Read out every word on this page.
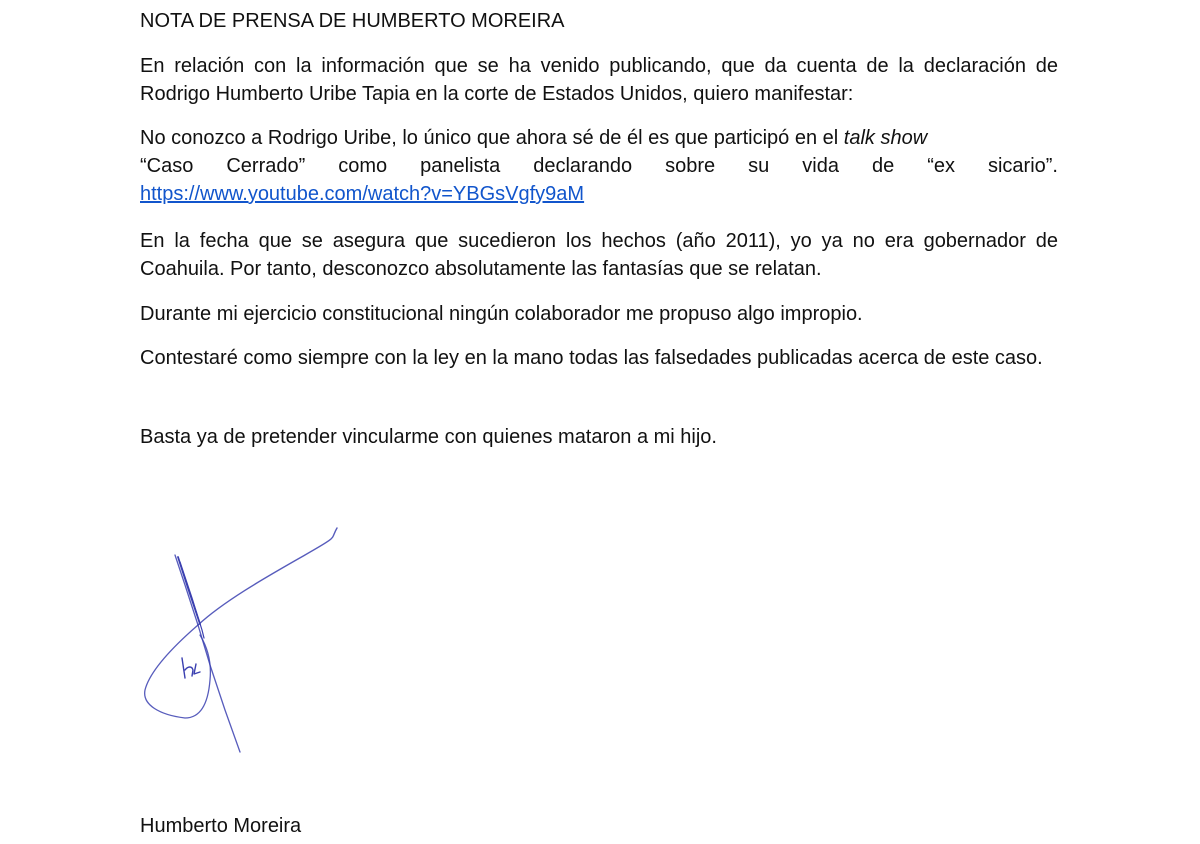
NOTA DE PRENSA DE HUMBERTO MOREIRA

En relación con la información que se ha venido publicando, que da cuenta de la declaración de Rodrigo Humberto Uribe Tapia en la corte de Estados Unidos, quiero manifestar:

No conozco a Rodrigo Uribe, lo único que ahora sé de él es que participó en el talk show
“Caso Cerrado” como panelista declarando sobre su vida de “ex sicario”.
https://www.youtube.com/watch?v=YBGsVgfy9aM

En la fecha que se asegura que sucedieron los hechos (año 2011), yo ya no era gobernador de Coahuila. Por tanto, desconozco absolutamente las fantasías que se relatan.

Durante mi ejercicio constitucional ningún colaborador me propuso algo impropio.

Contestaré como siempre con la ley en la mano todas las falsedades publicadas acerca de este caso.

Basta ya de pretender vincularme con quienes mataron a mi hijo.

Humberto Moreira
